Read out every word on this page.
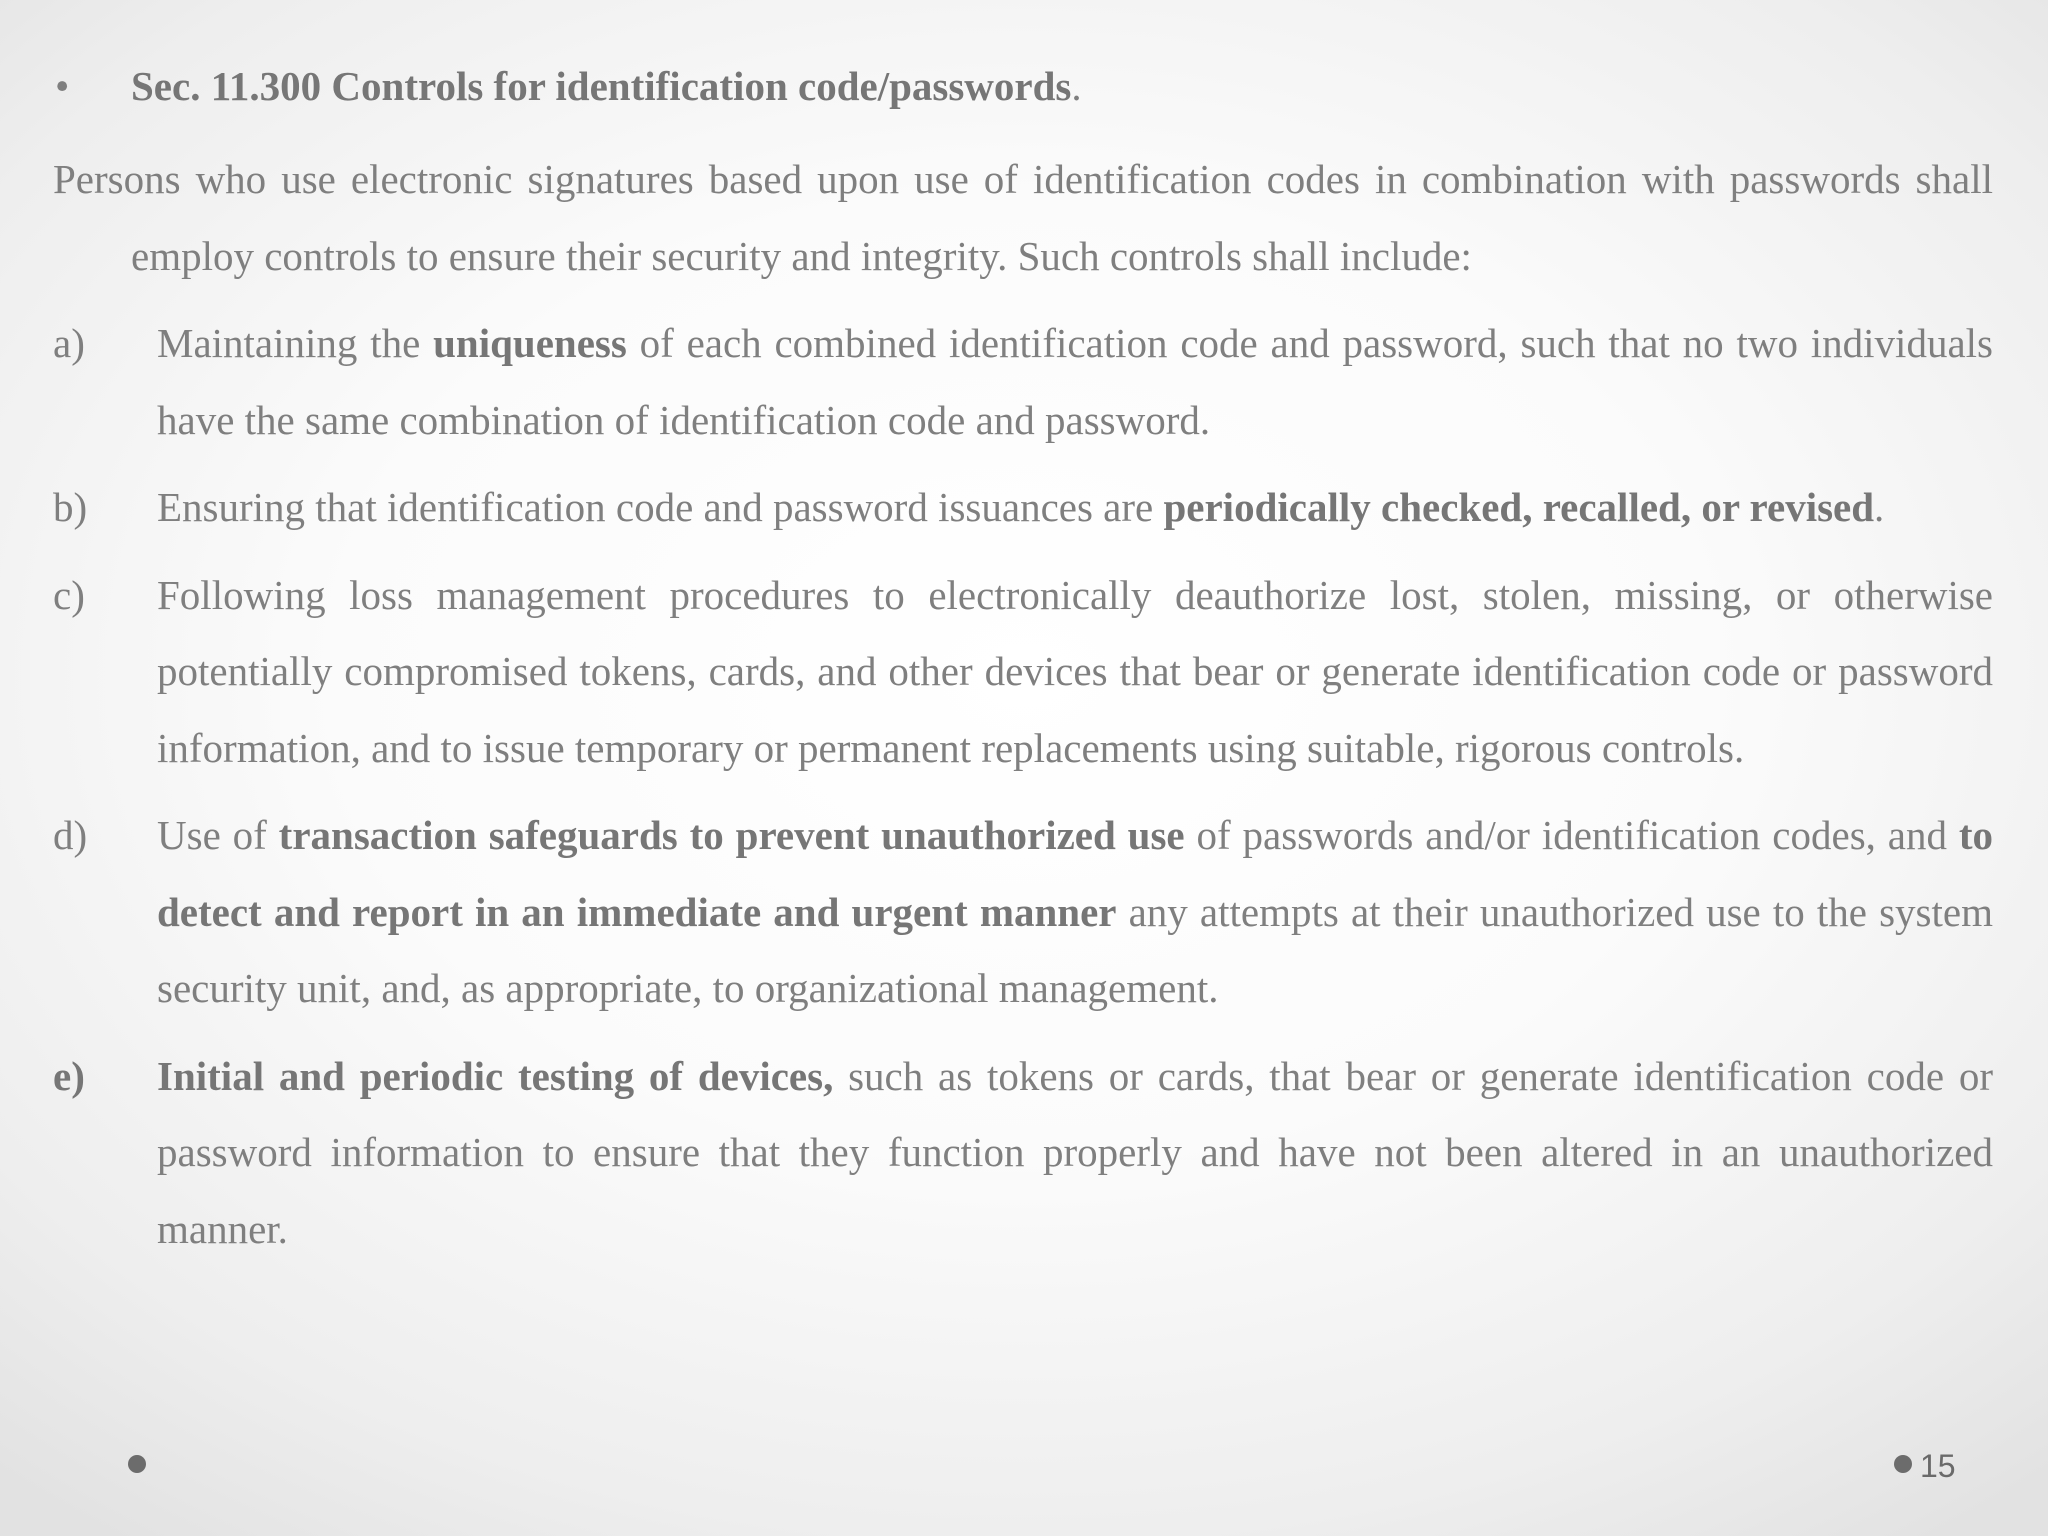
• Sec. 11.300 Controls for identification code/passwords.
Persons who use electronic signatures based upon use of identification codes in combination with passwords shall employ controls to ensure their security and integrity. Such controls shall include:
a) Maintaining the uniqueness of each combined identification code and password, such that no two individuals have the same combination of identification code and password.
b) Ensuring that identification code and password issuances are periodically checked, recalled, or revised.
c) Following loss management procedures to electronically deauthorize lost, stolen, missing, or otherwise potentially compromised tokens, cards, and other devices that bear or generate identification code or password information, and to issue temporary or permanent replacements using suitable, rigorous controls.
d) Use of transaction safeguards to prevent unauthorized use of passwords and/or identification codes, and to detect and report in an immediate and urgent manner any attempts at their unauthorized use to the system security unit, and, as appropriate, to organizational management.
e) Initial and periodic testing of devices, such as tokens or cards, that bear or generate identification code or password information to ensure that they function properly and have not been altered in an unauthorized manner.
15
